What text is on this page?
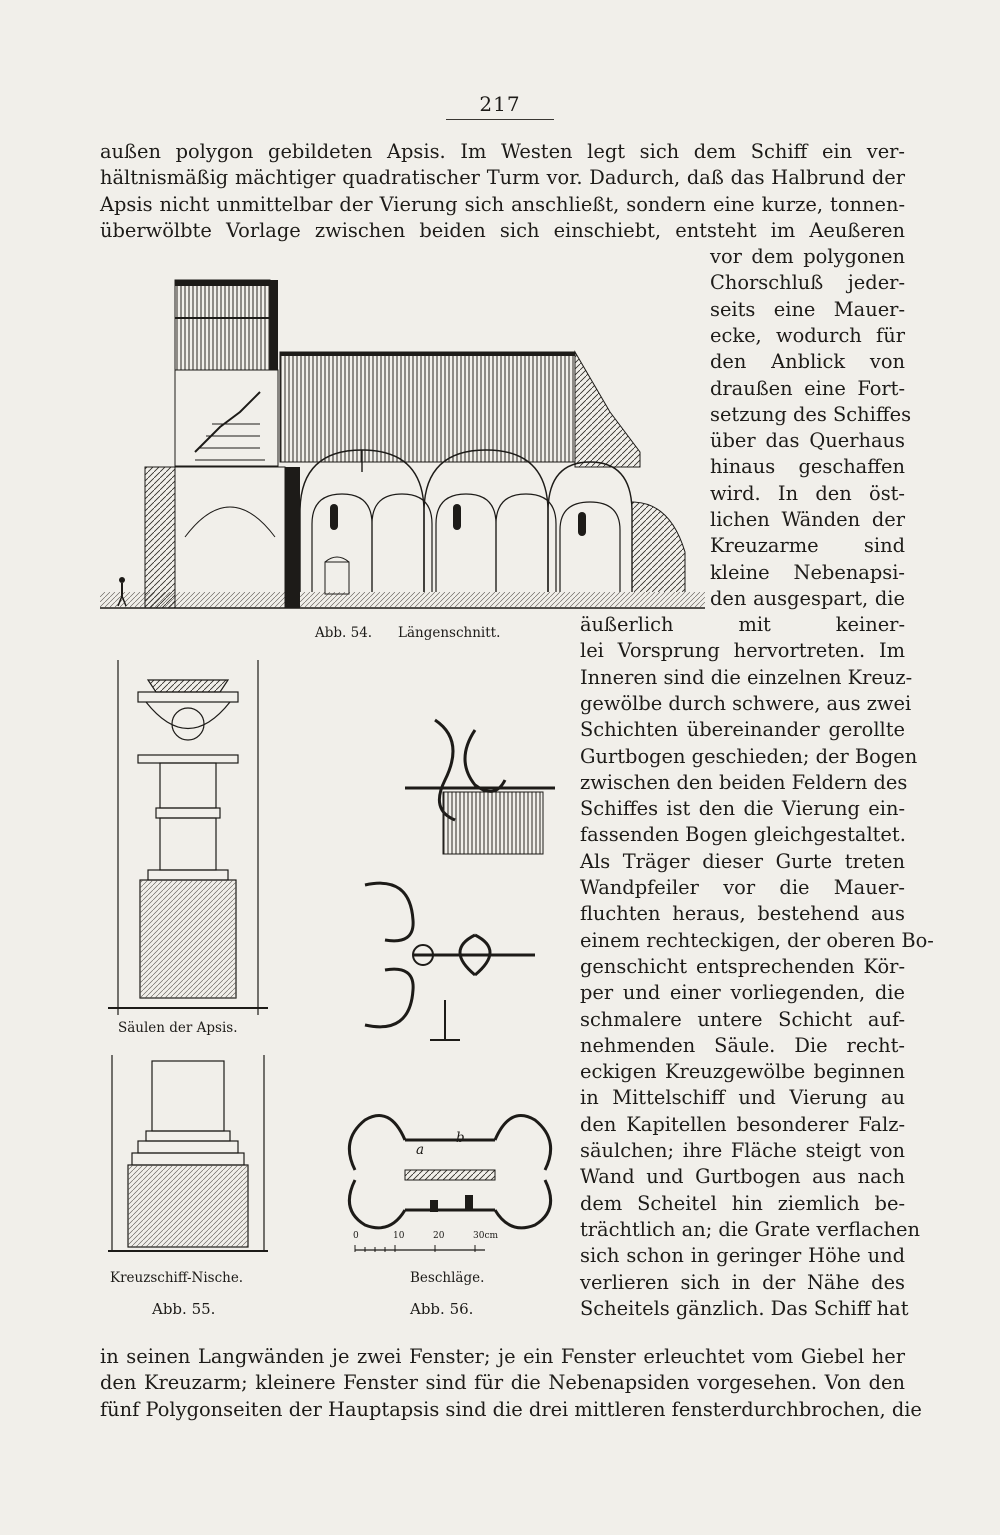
217
außen polygon gebildeten Apsis. Im Westen legt sich dem Schiff ein ver-
hältnismäßig mächtiger quadratischer Turm vor. Dadurch, daß das Halbrund der
Apsis nicht unmittelbar der Vierung sich anschließt, sondern eine kurze, tonnen-
überwölbte Vorlage zwischen beiden sich einschiebt, entsteht im Aeußeren
vor dem polygonen
Chorschluß jeder-
seits eine Mauer-
ecke, wodurch für
den Anblick von
draußen eine Fort-
setzung des Schiffes
über das Querhaus
hinaus geschaffen
wird. In den öst-
lichen Wänden der
Kreuzarme sind
kleine Nebenapsi-
den ausgespart, die
äußerlich mit keiner-
lei Vorsprung hervortreten. Im
Inneren sind die einzelnen Kreuz-
gewölbe durch schwere, aus zwei
Schichten übereinander gerollte
Gurtbogen geschieden; der Bogen
zwischen den beiden Feldern des
Schiffes ist den die Vierung ein-
fassenden Bogen gleichgestaltet.
Als Träger dieser Gurte treten
Wandpfeiler vor die Mauer-
fluchten heraus, bestehend aus
einem rechteckigen, der oberen Bo-
genschicht entsprechenden Kör-
per und einer vorliegenden, die
schmalere untere Schicht auf-
nehmenden Säule. Die recht-
eckigen Kreuzgewölbe beginnen
in Mittelschiff und Vierung au
den Kapitellen besonderer Falz-
säulchen; ihre Fläche steigt von
Wand und Gurtbogen aus nach
dem Scheitel hin ziemlich be-
trächtlich an; die Grate verflachen
sich schon in geringer Höhe und
verlieren sich in der Nähe des
Scheitels gänzlich. Das Schiff hat
in seinen Langwänden je zwei Fenster; je ein Fenster erleuchtet vom Giebel her
den Kreuzarm; kleinere Fenster sind für die Nebenapsiden vorgesehen. Von den
fünf Polygonseiten der Hauptapsis sind die drei mittleren fensterdurchbrochen, die
Abb. 54. Längenschnitt.
Säulen der Apsis.
Kreuzschiff-Nische.
Abb. 55.
a
b
0	10	20	30cm
Beschläge.
Abb. 56.
